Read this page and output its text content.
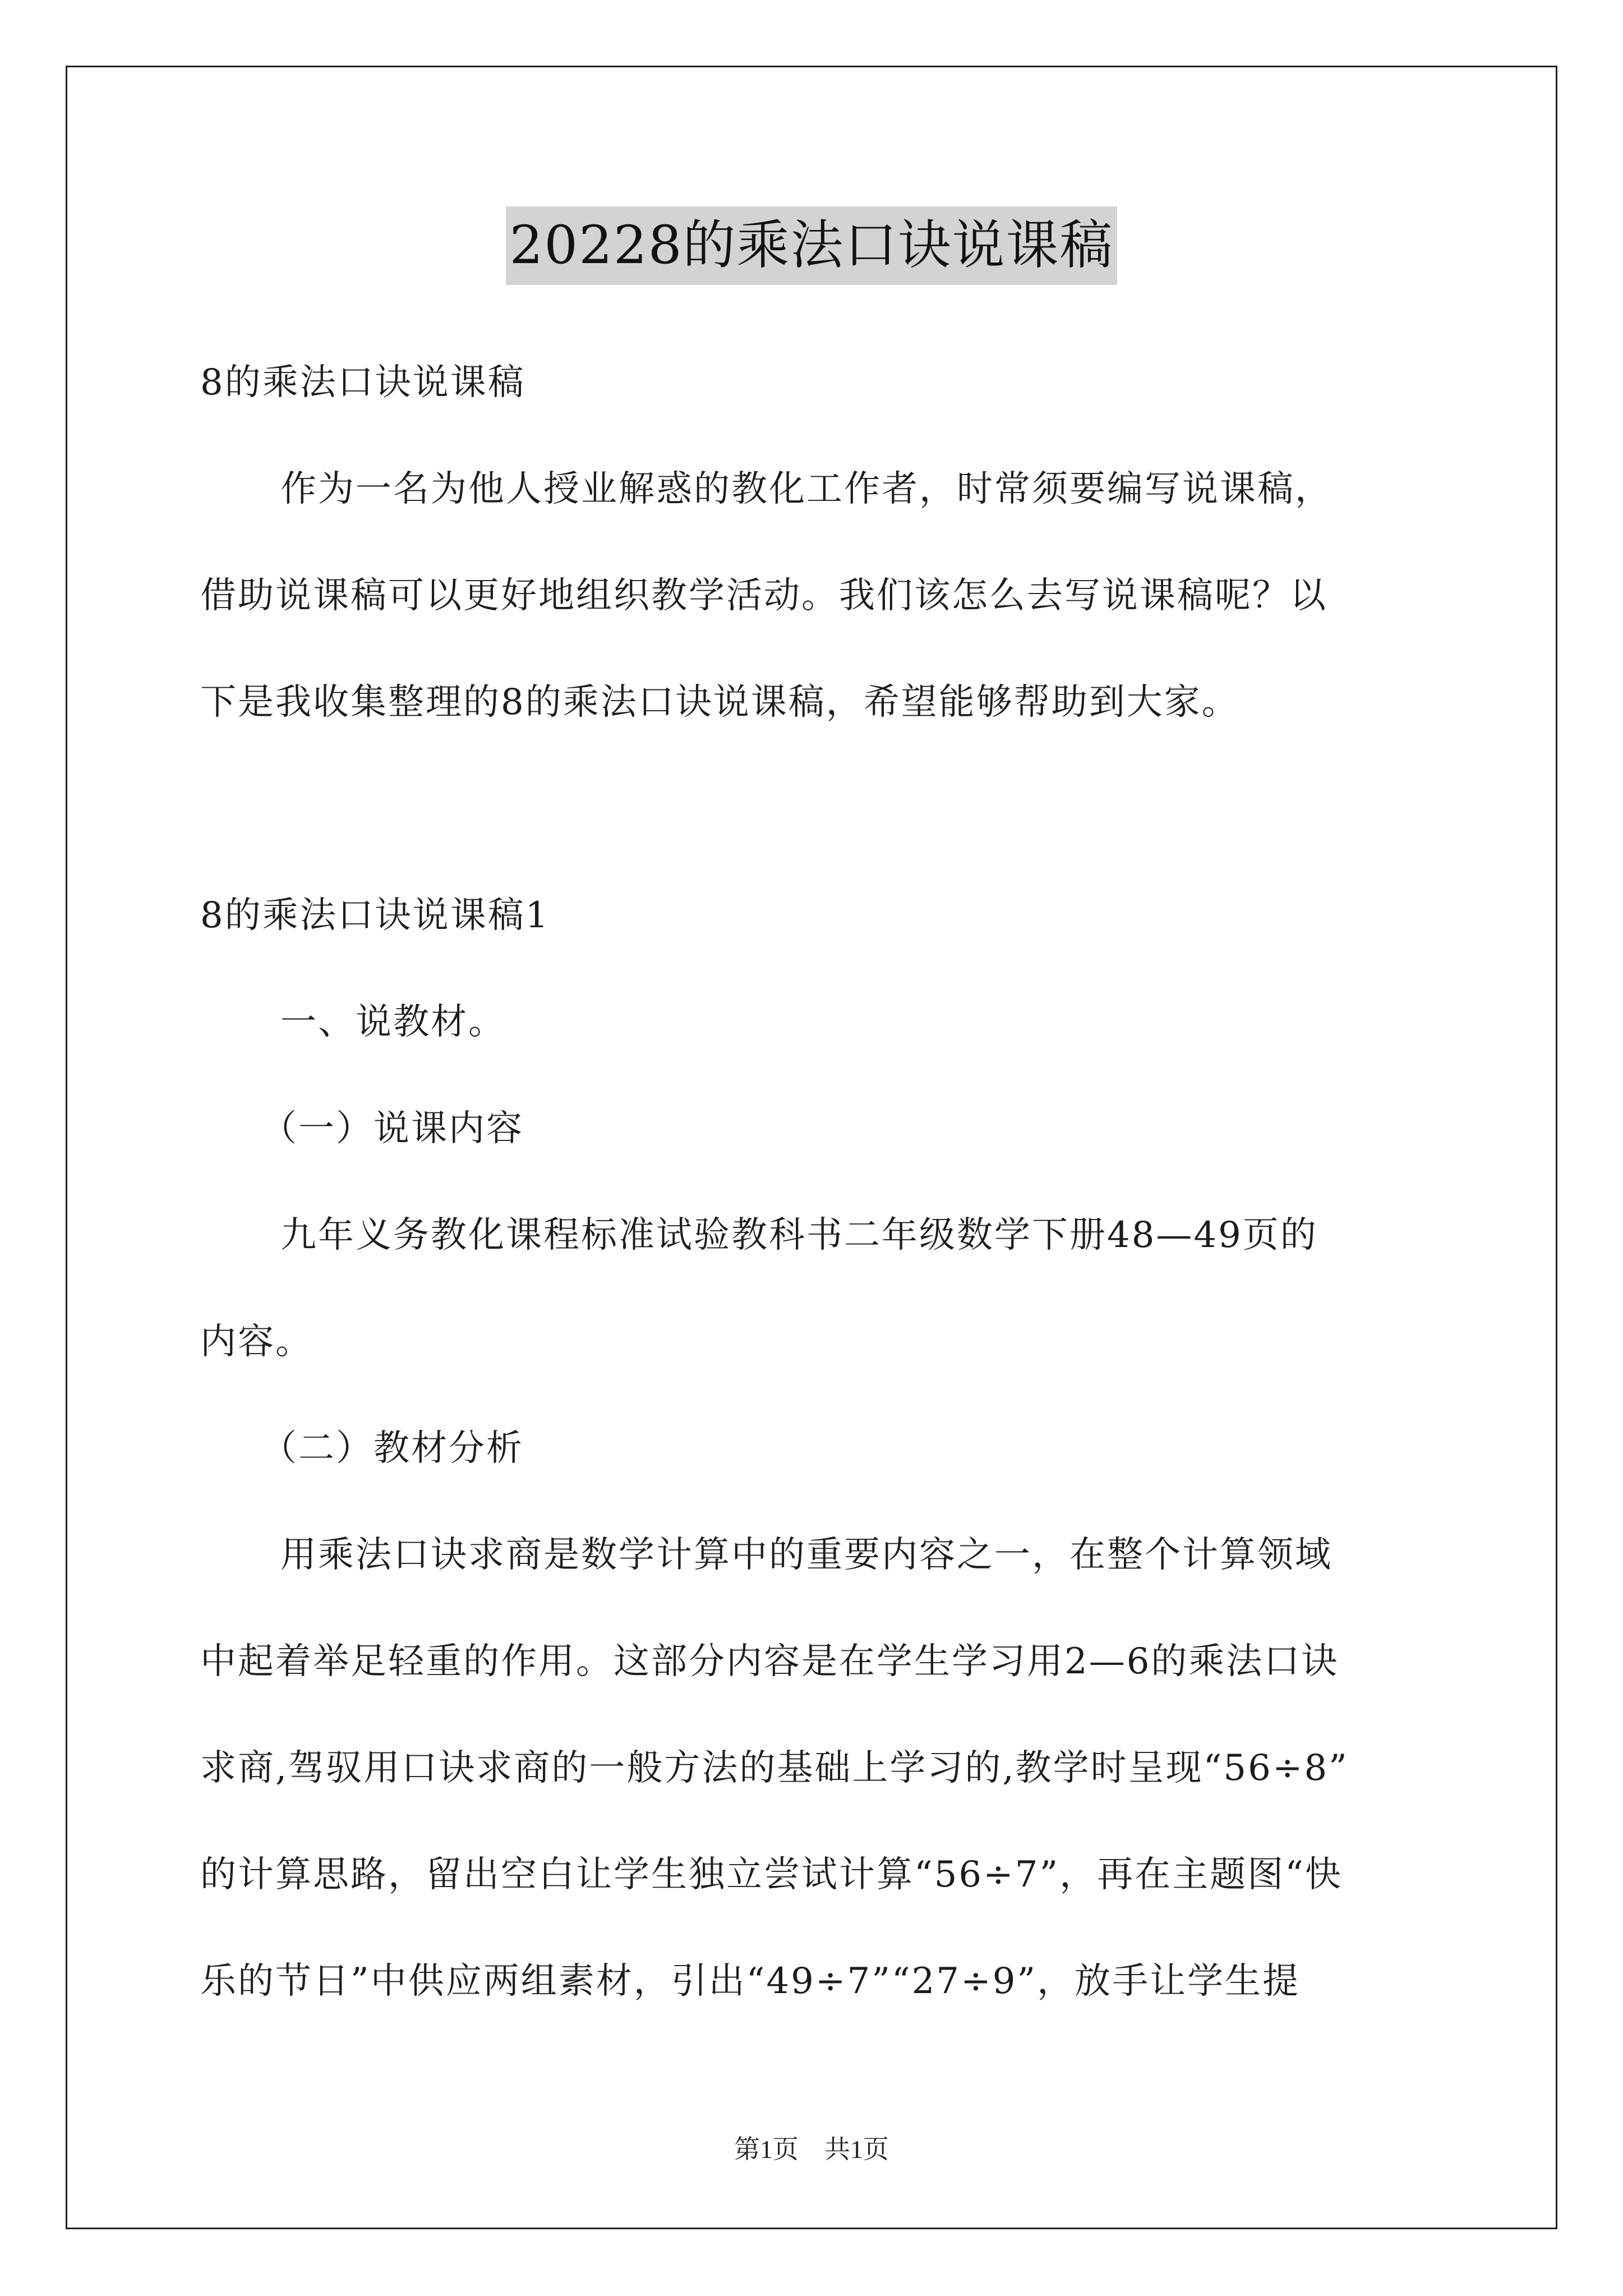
20228的乘法口诀说课稿
8的乘法口诀说课稿
作为一名为他人授业解惑的教化工作者，时常须要编写说课稿，
借助说课稿可以更好地组织教学活动。我们该怎么去写说课稿呢？以
下是我收集整理的8的乘法口诀说课稿，希望能够帮助到大家。
8的乘法口诀说课稿1
一、说教材。
（一）说课内容
九年义务教化课程标准试验教科书二年级数学下册48—49页的
内容。
（二）教材分析
用乘法口诀求商是数学计算中的重要内容之一，在整个计算领域
中起着举足轻重的作用。这部分内容是在学生学习用2—6的乘法口诀
求商,驾驭用口诀求商的一般方法的基础上学习的,教学时呈现“56÷8”
的计算思路，留出空白让学生独立尝试计算“56÷7”，再在主题图“快
乐的节日”中供应两组素材，引出“49÷7”“27÷9”，放手让学生提
第1页　共1页
